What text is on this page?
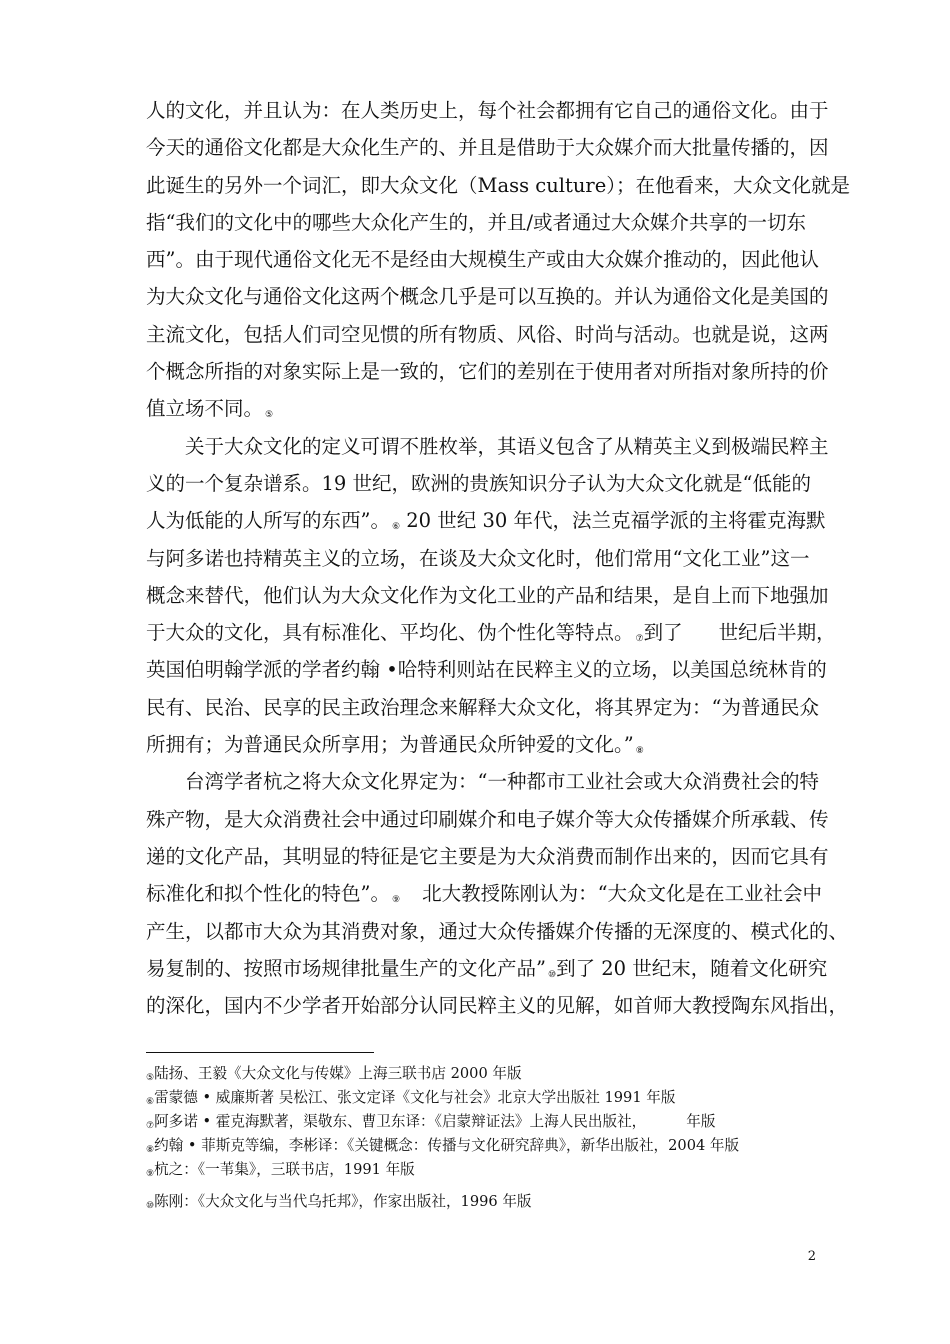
人的文化，并且认为：在人类历史上，每个社会都拥有它自己的通俗文化。由于
今天的通俗文化都是大众化生产的、并且是借助于大众媒介而大批量传播的，因
此诞生的另外一个词汇，即大众文化（Mass culture）；在他看来，大众文化就是
指“我们的文化中的哪些大众化产生的，并且/或者通过大众媒介共享的一切东
西”。由于现代通俗文化无不是经由大规模生产或由大众媒介推动的，因此他认
为大众文化与通俗文化这两个概念几乎是可以互换的。并认为通俗文化是美国的
主流文化，包括人们司空见惯的所有物质、风俗、时尚与活动。也就是说，这两
个概念所指的对象实际上是一致的，它们的差别在于使用者对所指对象所持的价
值立场不同。 ⑤
关于大众文化的定义可谓不胜枚举，其语义包含了从精英主义到极端民粹主
义的一个复杂谱系。19 世纪，欧洲的贵族知识分子认为大众文化就是“低能的
人为低能的人所写的东西”。 ⑥ 20 世纪 30 年代，法兰克福学派的主将霍克海默
与阿多诺也持精英主义的立场，在谈及大众文化时，他们常用“文化工业”这一
概念来替代，他们认为大众文化作为文化工业的产品和结果，是自上而下地强加
于大众的文化，具有标准化、平均化、伪个性化等特点。 ⑦到了 世纪后半期，
英国伯明翰学派的学者约翰 •哈特利则站在民粹主义的立场，以美国总统林肯的
民有、民治、民享的民主政治理念来解释大众文化，将其界定为：“为普通民众
所拥有；为普通民众所享用；为普通民众所钟爱的文化。” ⑧
台湾学者杭之将大众文化界定为：“一种都市工业社会或大众消费社会的特
殊产物，是大众消费社会中通过印刷媒介和电子媒介等大众传播媒介所承载、传
递的文化产品，其明显的特征是它主要是为大众消费而制作出来的，因而它具有
标准化和拟个性化的特色”。 ⑨ 北大教授陈刚认为：“大众文化是在工业社会中
产生，以都市大众为其消费对象，通过大众传播媒介传播的无深度的、模式化的、
易复制的、按照市场规律批量生产的文化产品” ⑩到了 20 世纪末，随着文化研究
的深化，国内不少学者开始部分认同民粹主义的见解，如首师大教授陶东风指出，
⑤陆扬、王毅《大众文化与传媒》上海三联书店 2000 年版
⑥雷蒙德 • 威廉斯著 吴松江、张文定译《文化与社会》北京大学出版社 1991 年版
⑦阿多诺 • 霍克海默著，渠敬东、曹卫东译：《启蒙辩证法》上海人民出版社，	年版
⑧约翰 • 菲斯克等编，李彬译：《关键概念：传播与文化研究辞典》，新华出版社，2004 年版
⑨杭之：《一苇集》，三联书店，1991 年版
⑩陈刚：《大众文化与当代乌托邦》，作家出版社，1996 年版
2
